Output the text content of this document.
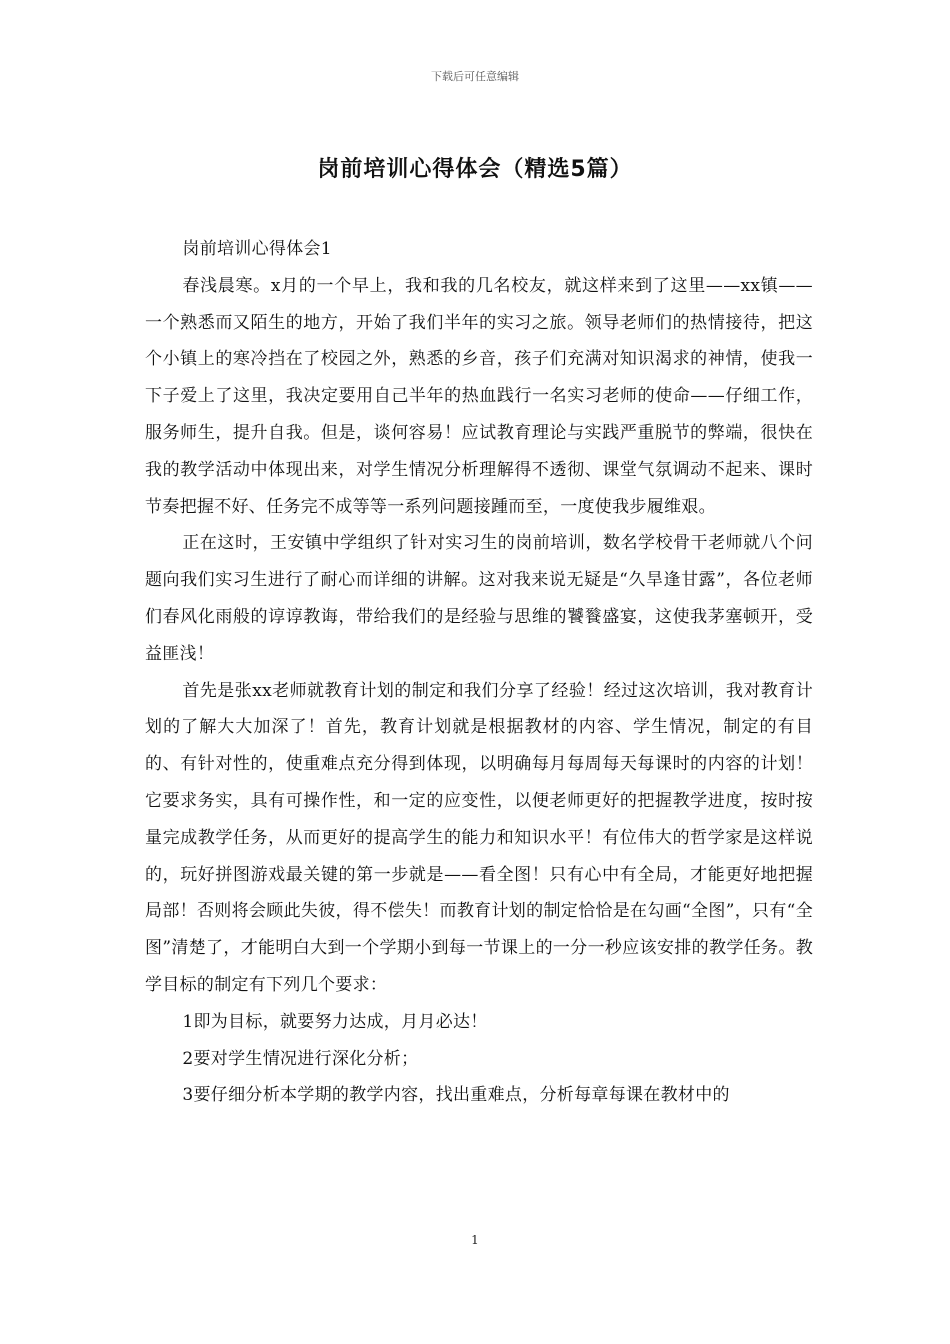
下载后可任意编辑
岗前培训心得体会（精选5篇）

岗前培训心得体会1

春浅晨寒。x月的一个早上，我和我的几名校友，就这样来到了这里——xx镇——一个熟悉而又陌生的地方，开始了我们半年的实习之旅。领导老师们的热情接待，把这个小镇上的寒冷挡在了校园之外，熟悉的乡音，孩子们充满对知识渴求的神情，使我一下子爱上了这里，我决定要用自己半年的热血践行一名实习老师的使命——仔细工作，服务师生，提升自我。但是，谈何容易！应试教育理论与实践严重脱节的弊端，很快在我的教学活动中体现出来，对学生情况分析理解得不透彻、课堂气氛调动不起来、课时节奏把握不好、任务完不成等等一系列问题接踵而至，一度使我步履维艰。

正在这时，王安镇中学组织了针对实习生的岗前培训，数名学校骨干老师就八个问题向我们实习生进行了耐心而详细的讲解。这对我来说无疑是“久旱逢甘露”，各位老师们春风化雨般的谆谆教诲，带给我们的是经验与思维的饕餮盛宴，这使我茅塞顿开，受益匪浅！

首先是张xx老师就教育计划的制定和我们分享了经验！经过这次培训，我对教育计划的了解大大加深了！首先，教育计划就是根据教材的内容、学生情况，制定的有目的、有针对性的，使重难点充分得到体现，以明确每月每周每天每课时的内容的计划！它要求务实，具有可操作性，和一定的应变性，以便老师更好的把握教学进度，按时按量完成教学任务，从而更好的提高学生的能力和知识水平！有位伟大的哲学家是这样说的，玩好拼图游戏最关键的第一步就是——看全图！只有心中有全局，才能更好地把握局部！否则将会顾此失彼，得不偿失！而教育计划的制定恰恰是在勾画“全图”，只有“全图”清楚了，才能明白大到一个学期小到每一节课上的一分一秒应该安排的教学任务。教学目标的制定有下列几个要求：

1即为目标，就要努力达成，月月必达！

2要对学生情况进行深化分析；

3要仔细分析本学期的教学内容，找出重难点，分析每章每课在教材中的

1
